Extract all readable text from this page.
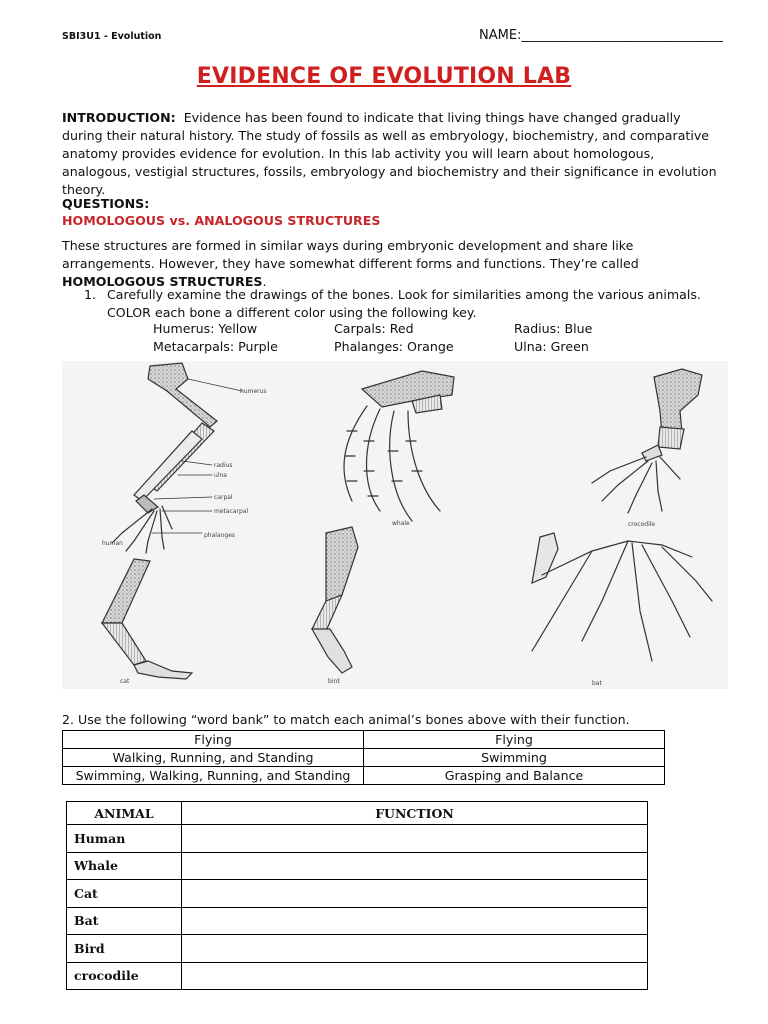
SBI3U1 - Evolution	NAME:_______________________________
EVIDENCE OF EVOLUTION LAB
INTRODUCTION: Evidence has been found to indicate that living things have changed gradually during their natural history. The study of fossils as well as embryology, biochemistry, and comparative anatomy provides evidence for evolution. In this lab activity you will learn about homologous, analogous, vestigial structures, fossils, embryology and biochemistry and their significance in evolution theory.
QUESTIONS:
HOMOLOGOUS vs. ANALOGOUS STRUCTURES
These structures are formed in similar ways during embryonic development and share like arrangements. However, they have somewhat different forms and functions. They’re called HOMOLOGOUS STRUCTURES.
1. Carefully examine the drawings of the bones. Look for similarities among the various animals.
COLOR each bone a different color using the following key.
Humerus: Yellow	Carpals: Red	Radius: Blue
Metacarpals: Purple	Phalanges: Orange	Ulna: Green
humerus
radius
ulna
carpal
metacarpal
phalanges
human
whale	crocodile
cat	bird	bat
2. Use the following “word bank” to match each animal’s bones above with their function.
Flying	Flying
Walking, Running, and Standing	Swimming
Swimming, Walking, Running, and Standing	Grasping and Balance
ANIMAL	FUNCTION
Human	
Whale	
Cat	
Bat	
Bird	
crocodile	
